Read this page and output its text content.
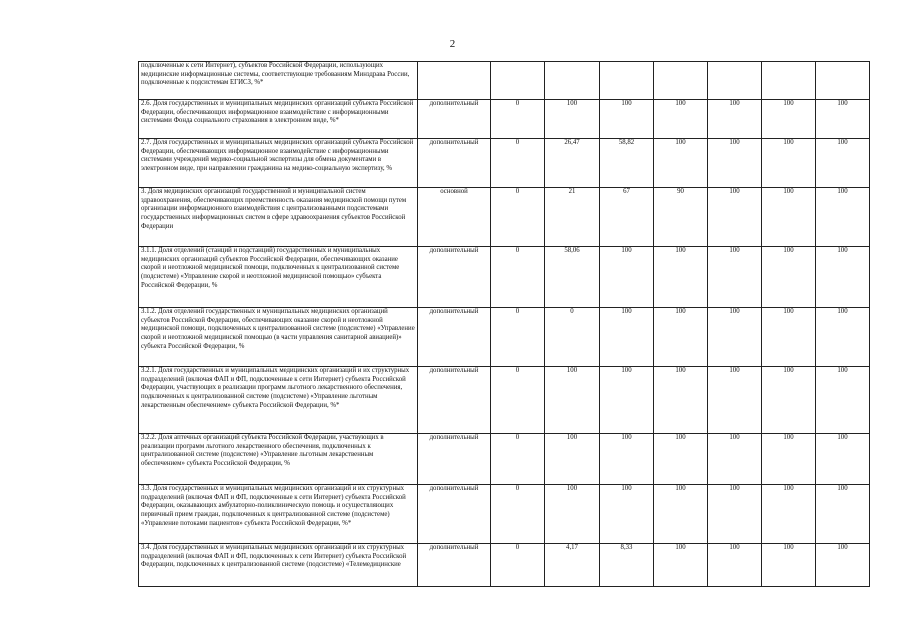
2
подключенные к сети Интернет), субъектов Российской Федерации, использующих медицинские информационные системы, соответствующие требованиям Минздрава России, подключенные к подсистемам ЕГИСЗ, %*								
2.6. Доля государственных и муниципальных медицинских организаций субъекта Российской Федерации, обеспечивающих информационное взаимодействие с информационными системами Фонда социального страхования в электронном виде, %*	дополнительный	0	100	100	100	100	100	100
2.7. Доля государственных и муниципальных медицинских организаций субъекта Российской Федерации, обеспечивающих информационное взаимодействие с информационными системами учреждений медико-социальной экспертизы для обмена документами в электронном виде, при направлении гражданина на медико-социальную экспертизу, %	дополнительный	0	26,47	58,82	100	100	100	100
3. Доля медицинских организаций государственной и муниципальной систем здравоохранения, обеспечивающих преемственность оказания медицинской помощи путем организации информационного взаимодействия с централизованными подсистемами государственных информационных систем в сфере здравоохранения субъектов Российской Федерации	основной	0	21	67	90	100	100	100
3.1.1. Доля отделений (станций и подстанций) государственных и муниципальных медицинских организаций субъектов Российской Федерации, обеспечивающих оказание скорой и неотложной медицинской помощи, подключенных к централизованной системе (подсистеме) «Управление скорой и неотложной медицинской помощью» субъекта Российской Федерации, %	дополнительный	0	58,06	100	100	100	100	100
3.1.2. Доля отделений государственных и муниципальных медицинских организаций субъектов Российской Федерации, обеспечивающих оказание скорой и неотложной медицинской помощи, подключенных к централизованной системе (подсистеме) «Управление скорой и неотложной медицинской помощью (в части управления санитарной авиацией)» субъекта Российской Федерации, %	дополнительный	0	0	100	100	100	100	100
3.2.1. Доля государственных и муниципальных медицинских организаций и их структурных подразделений (включая ФАП и ФП, подключенные к сети Интернет) субъекта Российской Федерации, участвующих в реализации программ льготного лекарственного обеспечения, подключенных к централизованной системе (подсистеме) «Управление льготным лекарственным обеспечением» субъекта Российской Федерации, %*	дополнительный	0	100	100	100	100	100	100
3.2.2. Доля аптечных организаций субъекта Российской Федерации, участвующих в реализации программ льготного лекарственного обеспечения, подключенных к централизованной системе (подсистеме) «Управление льготным лекарственным обеспечением» субъекта Российской Федерации, %	дополнительный	0	100	100	100	100	100	100
3.3. Доля государственных и муниципальных медицинских организаций и их структурных подразделений (включая ФАП и ФП, подключенные к сети Интернет) субъекта Российской Федерации, оказывающих амбулаторно-поликлиническую помощь и осуществляющих первичный прием граждан, подключенных к централизованной системе (подсистеме) «Управление потоками пациентов» субъекта Российской Федерации, %*	дополнительный	0	100	100	100	100	100	100
3.4. Доля государственных и муниципальных медицинских организаций и их структурных подразделений (включая ФАП и ФП, подключенных к сети Интернет) субъекта Российской Федерации, подключенных к централизованной системе (подсистеме) «Телемедицинские	дополнительный	0	4,17	8,33	100	100	100	100
